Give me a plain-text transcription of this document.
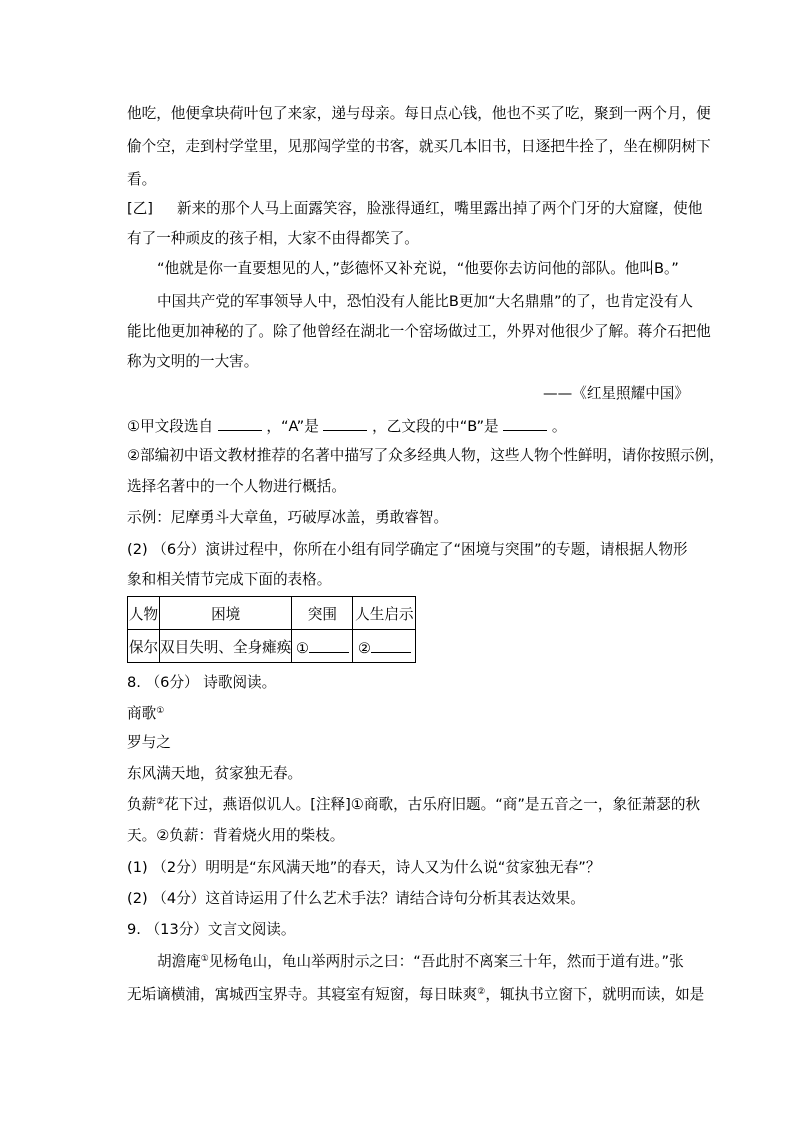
他吃，他便拿块荷叶包了来家，递与母亲。每日点心钱，他也不买了吃，聚到一两个月，便
偷个空，走到村学堂里，见那闯学堂的书客，就买几本旧书，日逐把牛拴了，坐在柳阴树下
看。
[乙] 新来的那个人马上面露笑容，脸涨得通红，嘴里露出掉了两个门牙的大窟窿，使他
有了一种顽皮的孩子相，大家不由得都笑了。
“他就是你一直要想见的人，”彭德怀又补充说，“他要你去访问他的部队。他叫B。”
中国共产党的军事领导人中，恐怕没有人能比B更加“大名鼎鼎”的了，也肯定没有人
能比他更加神秘的了。除了他曾经在湖北一个窑场做过工，外界对他很少了解。蒋介石把他
称为文明的一大害。
——《红星照耀中国》
①甲文段选自	，“A”是	，乙文段的中“B”是	。
②部编初中语文教材推荐的名著中描写了众多经典人物，这些人物个性鲜明，请你按照示例，
选择名著中的一个人物进行概括。
示例：尼摩勇斗大章鱼，巧破厚冰盖，勇敢睿智。
(2) （6分）演讲过程中，你所在小组有同学确定了“困境与突围”的专题，请根据人物形
象和相关情节完成下面的表格。
人物	困境	突围	人生启示
保尔	双目失明、全身瘫痪	①	②
8. （6分） 诗歌阅读。
商歌①
罗与之
东风满天地，贫家独无春。
负薪②花下过，燕语似讥人。[注释]①商歌，古乐府旧题。“商”是五音之一，象征萧瑟的秋
天。②负薪：背着烧火用的柴枝。
(1) （2分）明明是“东风满天地”的春天，诗人又为什么说“贫家独无春”？
(2) （4分）这首诗运用了什么艺术手法？请结合诗句分析其表达效果。
9. （13分）文言文阅读。
胡澹庵①见杨龟山，龟山举两肘示之曰：“吾此肘不离案三十年，然而于道有进。”张
无垢谪横浦，寓城西宝界寺。其寝室有短窗，每日昧爽②，辄执书立窗下，就明而读，如是
